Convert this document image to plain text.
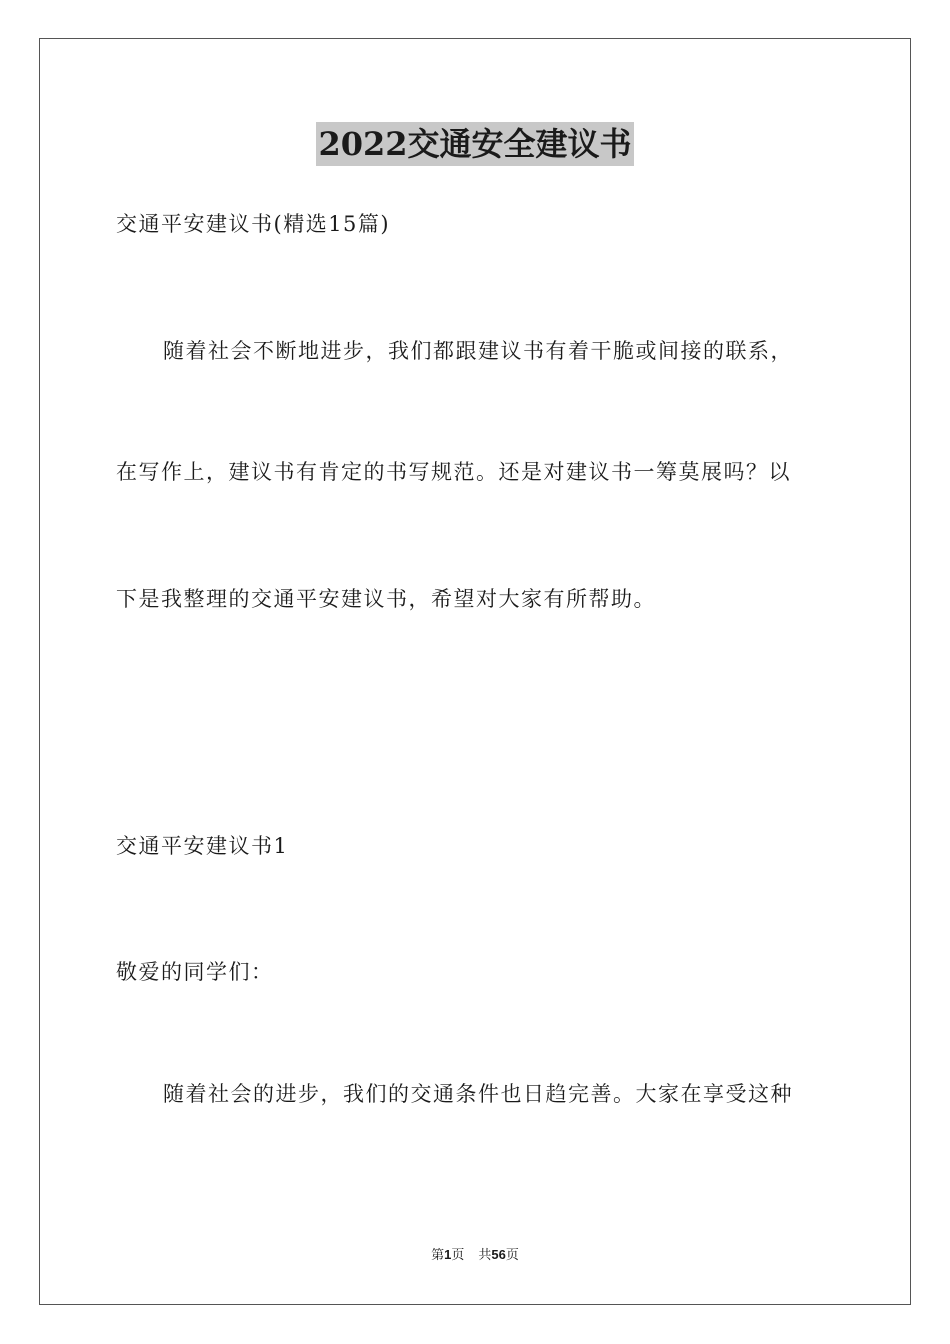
2022交通安全建议书
交通平安建议书(精选15篇)
随着社会不断地进步，我们都跟建议书有着干脆或间接的联系，
在写作上，建议书有肯定的书写规范。还是对建议书一筹莫展吗？以
下是我整理的交通平安建议书，希望对大家有所帮助。
交通平安建议书1
敬爱的同学们：
随着社会的进步，我们的交通条件也日趋完善。大家在享受这种
第1页 共56页
